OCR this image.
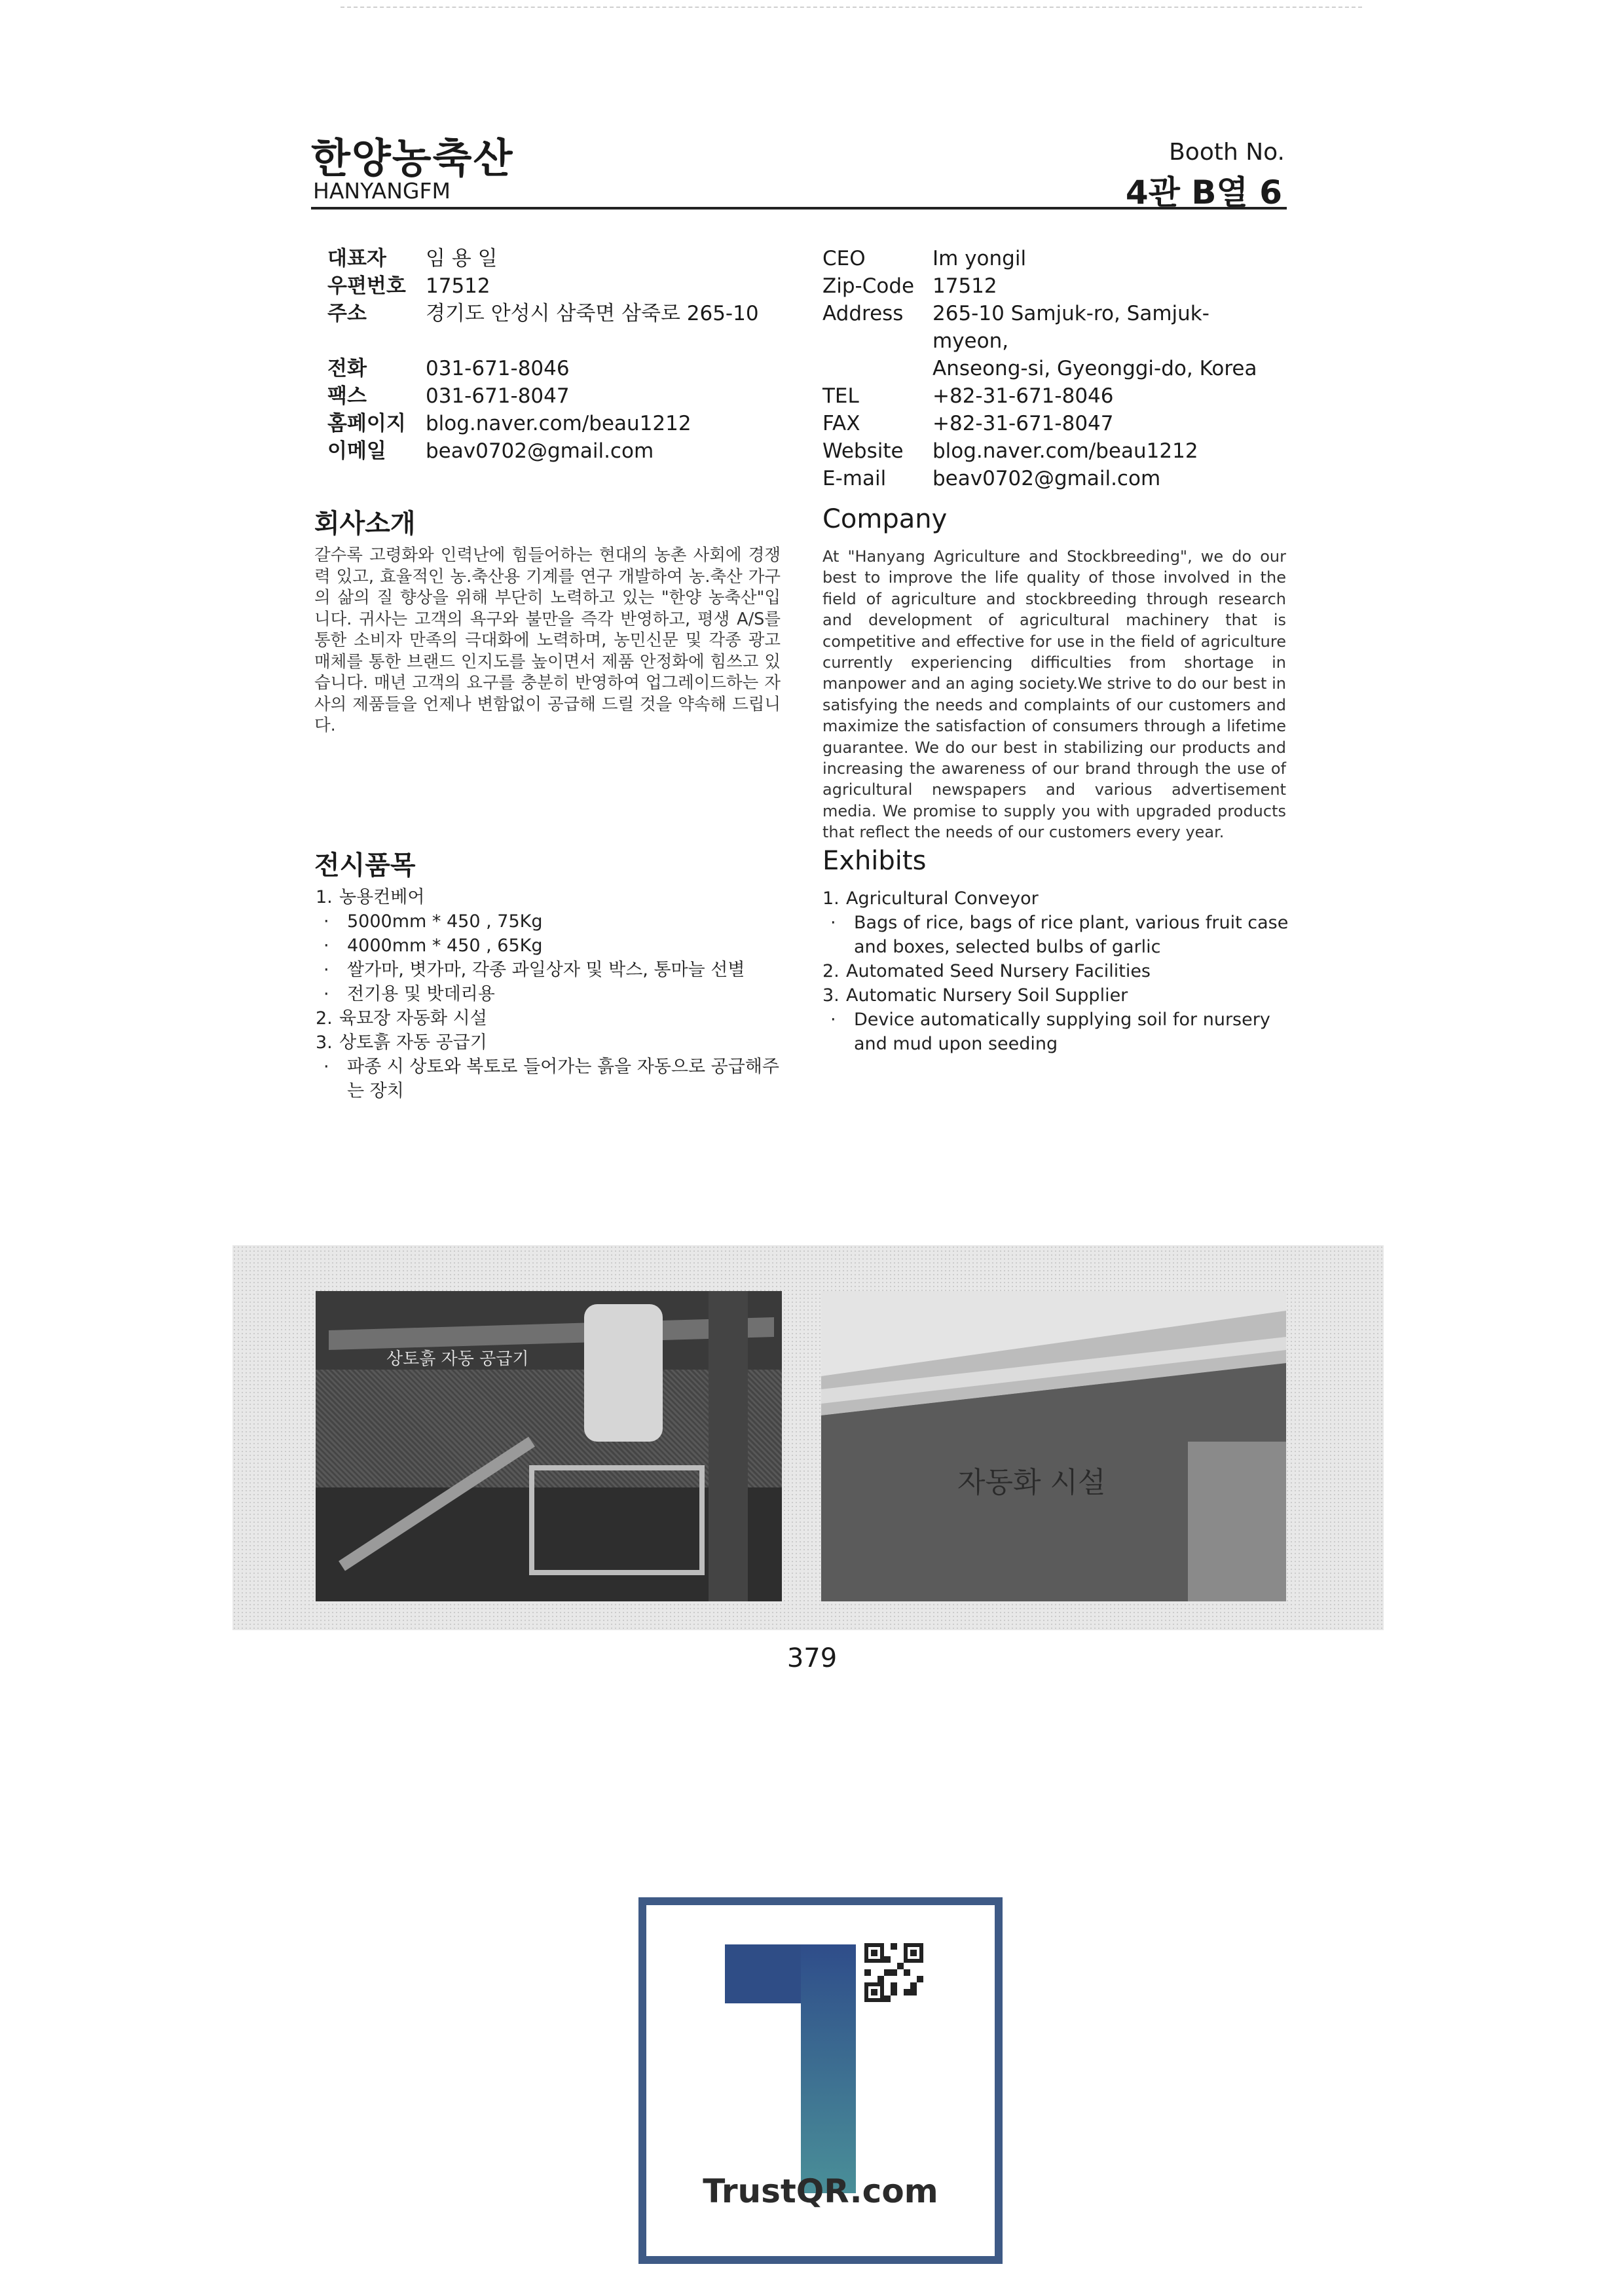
한양농축산
HANYANGFM
Booth No.
4관 B열 6
대표자	임 용 일
우편번호 17512
주소	경기도 안성시 삼죽면 삼죽로 265-10
전화	031-671-8046
팩스	031-671-8047
홈페이지 blog.naver.com/beau1212
이메일	beav0702@gmail.com
CEO	Im yongil
Zip-Code 17512
Address	265-10 Samjuk-ro, Samjuk-myeon,
Anseong-si, Gyeonggi-do, Korea
TEL	+82-31-671-8046
FAX	+82-31-671-8047
Website	blog.naver.com/beau1212
E-mail	beav0702@gmail.com
회사소개
갈수록 고령화와 인력난에 힘들어하는 현대의 농촌 사회에 경쟁력 있고, 효율적인 농.축산용 기계를 연구 개발하여 농.축산 가구의 삶의 질 향상을 위해 부단히 노력하고 있는 "한양 농축산"입니다. 귀사는 고객의 욕구와 불만을 즉각 반영하고, 평생 A/S를 통한 소비자 만족의 극대화에 노력하며, 농민신문 및 각종 광고 매체를 통한 브랜드 인지도를 높이면서 제품 안정화에 힘쓰고 있습니다. 매년 고객의 요구를 충분히 반영하여 업그레이드하는 자사의 제품들을 언제나 변함없이 공급해 드릴 것을 약속해 드립니다.
Company
At "Hanyang Agriculture and Stockbreeding", we do our best to improve the life quality of those involved in the field of agriculture and stockbreeding through research and development of agricultural machinery that is competitive and effective for use in the field of agriculture currently experiencing difficulties from shortage in manpower and an aging society.We strive to do our best in satisfying the needs and complaints of our customers and maximize the satisfaction of consumers through a lifetime guarantee. We do our best in stabilizing our products and increasing the awareness of our brand through the use of agricultural newspapers and various advertisement media. We promise to supply you with upgraded products that reflect the needs of our customers every year.
전시품목
1. 농용컨베어
·	5000mm * 450 , 75Kg
·	4000mm * 450 , 65Kg
·	쌀가마, 볏가마, 각종 과일상자 및 박스, 통마늘 선별
·	전기용 및 밧데리용
2. 육묘장 자동화 시설
3. 상토흙 자동 공급기
·	파종 시 상토와 복토로 들어가는 흙을 자동으로 공급해주는 장치
Exhibits
1. Agricultural Conveyor
·	Bags of rice, bags of rice plant, various fruit case and boxes, selected bulbs of garlic
2. Automated Seed Nursery Facilities
3. Automatic Nursery Soil Supplier
·	Device automatically supplying soil for nursery and mud upon seeding
상토흙 자동 공급기
자동화 시설
379
TrustQR.com
